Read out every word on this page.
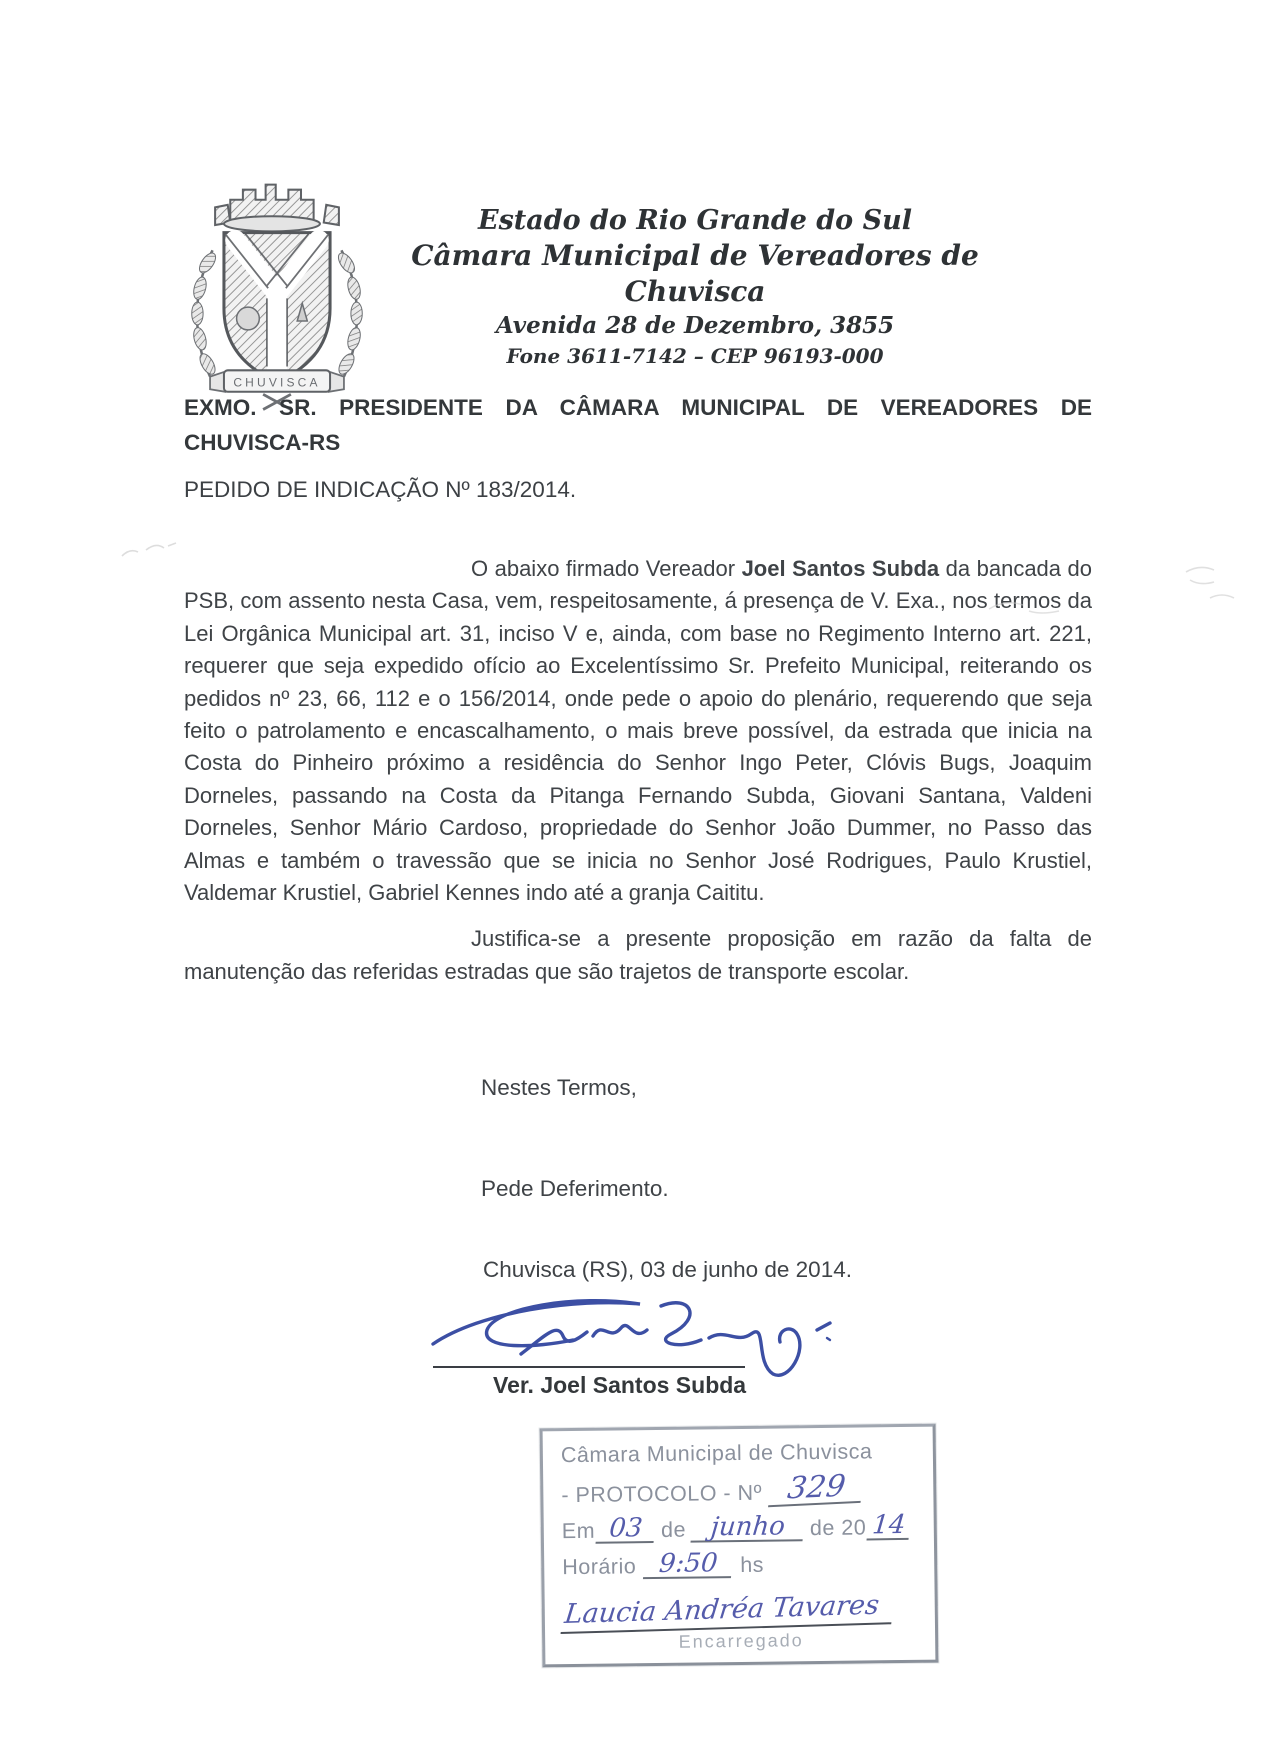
CHUVISCA
Estado do Rio Grande do Sul
Câmara Municipal de Vereadores de Chuvisca
Avenida 28 de Dezembro, 3855
Fone 3611-7142 – CEP 96193-000
EXMO. SR. PRESIDENTE DA CÂMARA MUNICIPAL DE VEREADORES DE CHUVISCA-RS
PEDIDO DE INDICAÇÃO Nº 183/2014.

O abaixo firmado Vereador Joel Santos Subda da bancada do PSB, com assento nesta Casa, vem, respeitosamente, á presença de V. Exa., nos termos da Lei Orgânica Municipal art. 31, inciso V e, ainda, com base no Regimento Interno art. 221, requerer que seja expedido ofício ao Excelentíssimo Sr. Prefeito Municipal, reiterando os pedidos nº 23, 66, 112 e o 156/2014, onde pede o apoio do plenário, requerendo que seja feito o patrolamento e encascalhamento, o mais breve possível, da estrada que inicia na Costa do Pinheiro próximo a residência do Senhor Ingo Peter, Clóvis Bugs, Joaquim Dorneles, passando na Costa da Pitanga Fernando Subda, Giovani Santana, Valdeni Dorneles, Senhor Mário Cardoso, propriedade do Senhor João Dummer, no Passo das Almas e também o travessão que se inicia no Senhor José Rodrigues, Paulo Krustiel, Valdemar Krustiel, Gabriel Kennes indo até a granja Caititu.

Justifica-se a presente proposição em razão da falta de manutenção das referidas estradas que são trajetos de transporte escolar.

Nestes Termos,
Pede Deferimento.
Chuvisca (RS), 03 de junho de 2014.
Ver. Joel Santos Subda
Câmara Municipal de Chuvisca
- PROTOCOLO - Nº 329
Em 03 de junho	de 20 14
Horário 9:50 hs
Laucia Andréa Tavares
Encarregado
